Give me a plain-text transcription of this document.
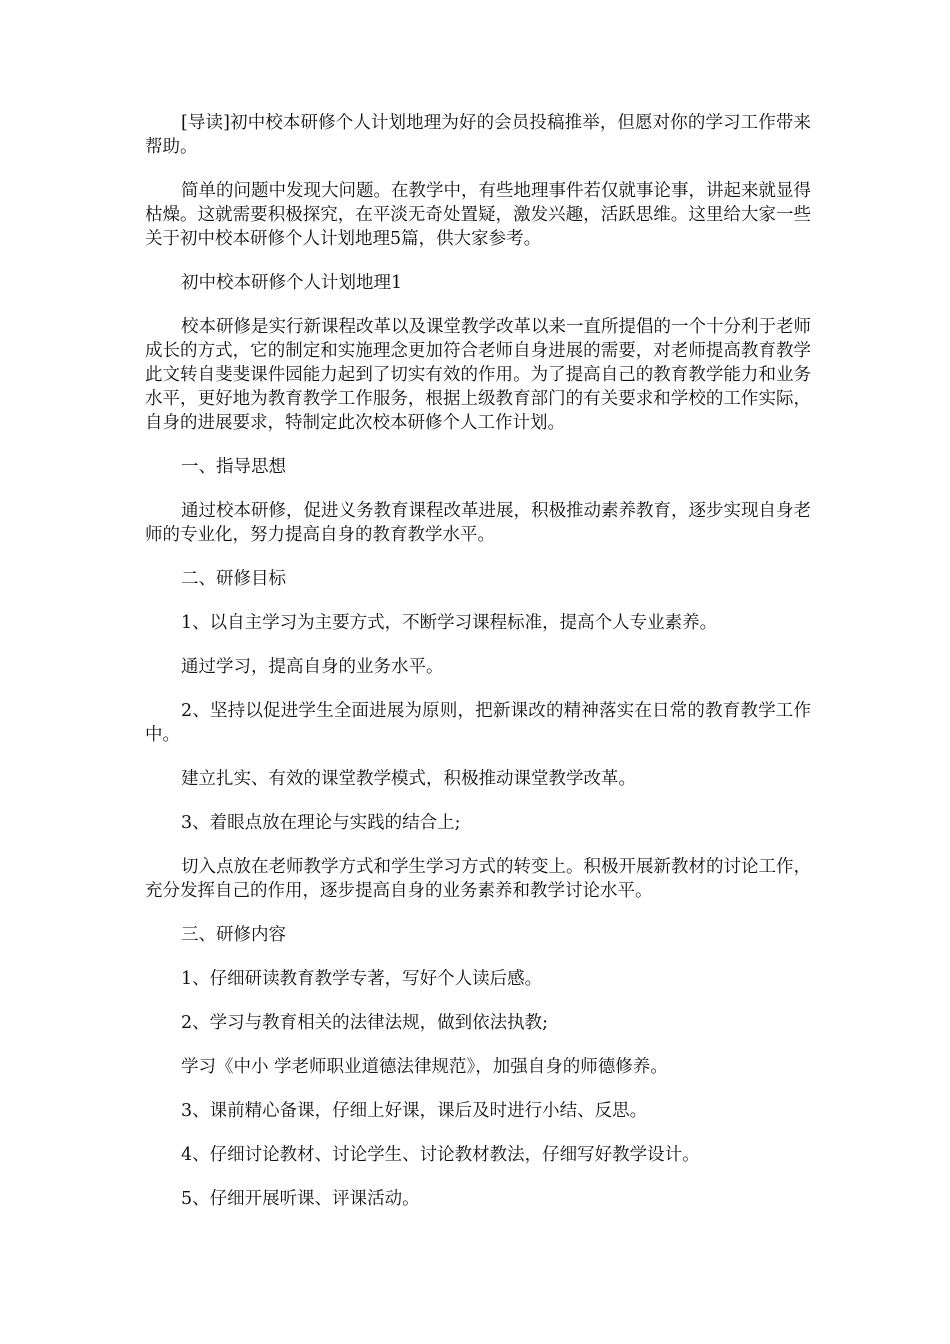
[导读]初中校本研修个人计划地理为好的会员投稿推举，但愿对你的学习工作带来帮助。

简单的问题中发现大问题。在教学中，有些地理事件若仅就事论事，讲起来就显得枯燥。这就需要积极探究，在平淡无奇处置疑，激发兴趣，活跃思维。这里给大家一些关于初中校本研修个人计划地理5篇，供大家参考。

初中校本研修个人计划地理1

校本研修是实行新课程改革以及课堂教学改革以来一直所提倡的一个十分利于老师成长的方式，它的制定和实施理念更加符合老师自身进展的需要，对老师提高教育教学此文转自斐斐课件园能力起到了切实有效的作用。为了提高自己的教育教学能力和业务水平，更好地为教育教学工作服务，根据上级教育部门的有关要求和学校的工作实际，自身的进展要求，特制定此次校本研修个人工作计划。

一、指导思想

通过校本研修，促进义务教育课程改革进展，积极推动素养教育，逐步实现自身老师的专业化，努力提高自身的教育教学水平。

二、研修目标

1、以自主学习为主要方式，不断学习课程标准，提高个人专业素养。

通过学习，提高自身的业务水平。

2、坚持以促进学生全面进展为原则，把新课改的精神落实在日常的教育教学工作中。

建立扎实、有效的课堂教学模式，积极推动课堂教学改革。

3、着眼点放在理论与实践的结合上;

切入点放在老师教学方式和学生学习方式的转变上。积极开展新教材的讨论工作，充分发挥自己的作用，逐步提高自身的业务素养和教学讨论水平。

三、研修内容

1、仔细研读教育教学专著，写好个人读后感。

2、学习与教育相关的法律法规，做到依法执教;

学习《中小 学老师职业道德法律规范》，加强自身的师德修养。

3、课前精心备课，仔细上好课，课后及时进行小结、反思。

4、仔细讨论教材、讨论学生、讨论教材教法，仔细写好教学设计。

5、仔细开展听课、评课活动。
